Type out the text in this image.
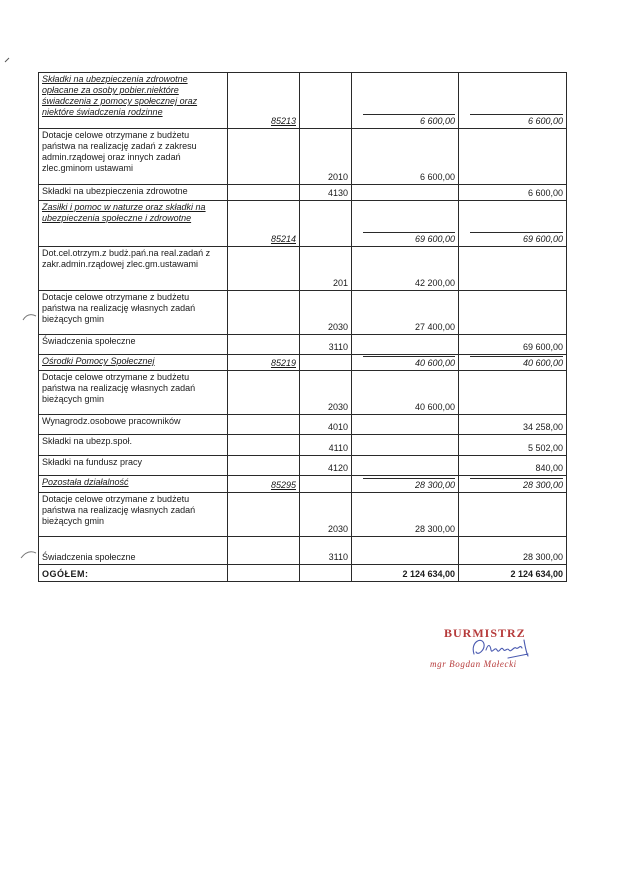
Składki na ubezpieczenia zdrowotne opłacane za osoby pobier.niektóre świadczenia z pomocy społecznej oraz niektóre świadczenia rodzinne	85213		6 600,00	6 600,00
Dotacje celowe otrzymane z budżetu państwa na realizację zadań z zakresu admin.rządowej oraz innych zadań zlec.gminom ustawami		2010	6 600,00	
Składki na ubezpieczenia zdrowotne		4130		6 600,00
Zasiłki i pomoc w naturze oraz składki na ubezpieczenia społeczne i zdrowotne	85214		69 600,00	69 600,00
Dot.cel.otrzym.z budż.pań.na real.zadań z zakr.admin.rządowej zlec.gm.ustawami		201	42 200,00	
Dotacje celowe otrzymane z budżetu państwa na realizację własnych zadań bieżących gmin		2030	27 400,00	
Świadczenia społeczne		3110		69 600,00
Ośrodki Pomocy Społecznej	85219		40 600,00	40 600,00
Dotacje celowe otrzymane z budżetu państwa na realizację własnych zadań bieżących gmin		2030	40 600,00	
Wynagrodz.osobowe pracowników		4010		34 258,00
Składki na ubezp.społ.		4110		5 502,00
Składki na fundusz pracy		4120		840,00
Pozostała działalność	85295		28 300,00	28 300,00
Dotacje celowe otrzymane z budżetu państwa na realizację własnych zadań bieżących gmin		2030	28 300,00	
Świadczenia społeczne		3110		28 300,00
OGÓŁEM:			2 124 634,00	2 124 634,00
BURMISTRZ
mgr Bogdan Małecki
